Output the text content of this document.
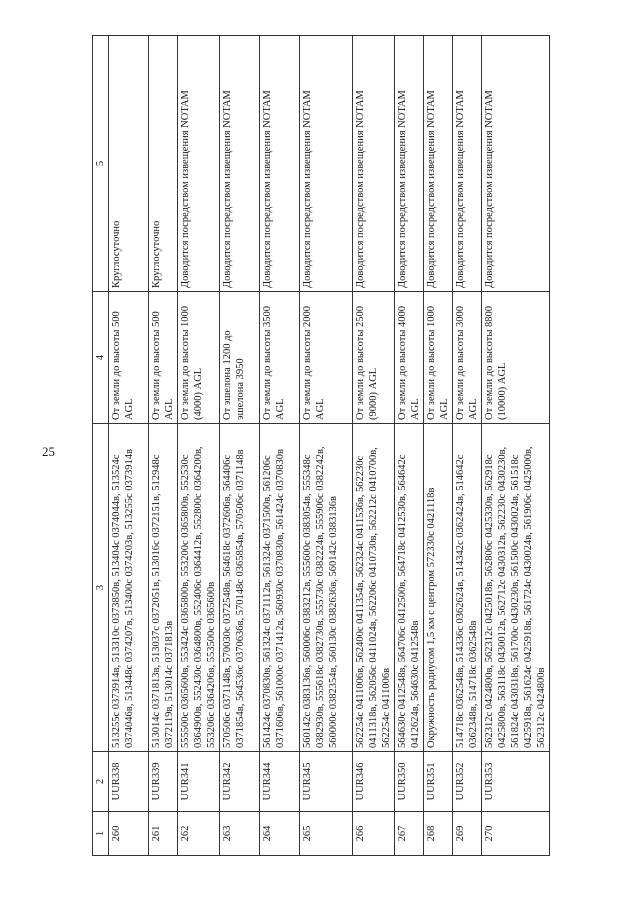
25
1	2	3	4	5
260	UUR338	513255с 0373914в, 513310с 0373850в, 513404с 0374044в, 513524с 0374046в, 513448с 0374207в, 513400с 0374203в, 513255с 0373914в	От земли до высоты 500 AGL	Круглосуточно
261	UUR339	513014с 0371813в, 513037с 0372051в, 513016с 0372151в, 512948с 0372119в, 513014с 0371813в	От земли до высоты 500 AGL	Круглосуточно
262	UUR341	555500с 0365600в, 553424с 0365800в, 553200с 0365800в, 552530с 0364900в, 552430с 0364800в, 552406с 0364412в, 552800с 0364200в, 553206с 0364206в, 553500с 0365600в	От земли до высоты 1000 (4000) AGL	Доводится посредством извещения NOTAM
263	UUR342	570506с 0371148в, 570030с 0372548в, 564618с 0372606в, 564406с 0371854в, 564536с 0370636в, 570148с 0365854в, 570506с 0371148в	От эшелона 1200 до эшелона 3950	Доводится посредством извещения NOTAM
264	UUR344	561424с 0370830в, 561324с 0371112в, 561324с 0371500в, 561206с 0371606в, 561000с 0371412в, 560930с 0370830в, 561424с 0370830в	От земли до высоты 3500 AGL	Доводится посредством извещения NOTAM
265	UUR345	560142с 0383136в, 560006с 0383212в, 555600с 0383054в, 555348с 0382930в, 555618с 0382730в, 555730с 0382224в, 555906с 0382242в, 560000с 0382354в, 560130с 0382636в, 560142с 0383136в	От земли до высоты 2000 AGL	Доводится посредством извещения NOTAM
266	UUR346	562254с 0411006в, 562400с 0411354в, 562324с 0411536в, 562230с 0411318в, 562056с 0411024в, 562206с 0410730в, 562212с 0410700в, 562254с 0411006в	От земли до высоты 2500 (9000) AGL	Доводится посредством извещения NOTAM
267	UUR350	564630с 0412548в, 564706с 0412500в, 564718с 0412530в, 564642с 0412624в, 564630с 0412548в	От земли до высоты 4000 AGL	Доводится посредством извещения NOTAM
268	UUR351	Окружность радиусом 1,5 км с центром 572330с 0421118в	От земли до высоты 1000 AGL	Доводится посредством извещения NOTAM
269	UUR352	514718с 0362548в, 514336с 0362624в, 514342с 0362424в, 514642с 0362348в, 514718с 0362548в	От земли до высоты 3000 AGL	Доводится посредством извещения NOTAM
270	UUR353	562312с 0424800в, 562312с 0425018в, 562806с 0425330в, 562918с 0425800в, 563118с 0430012в, 562712с 0430312в, 562230с 0430230в, 561824с 0430318в, 561700с 0430230в, 561500с 0430024в, 561518с 0425918в, 561624с 0425918в, 561724с 0430024в, 561906с 0425000в, 562312с 0424800в	От земли до высоты 8800 (10000) AGL	Доводится посредством извещения NOTAM
